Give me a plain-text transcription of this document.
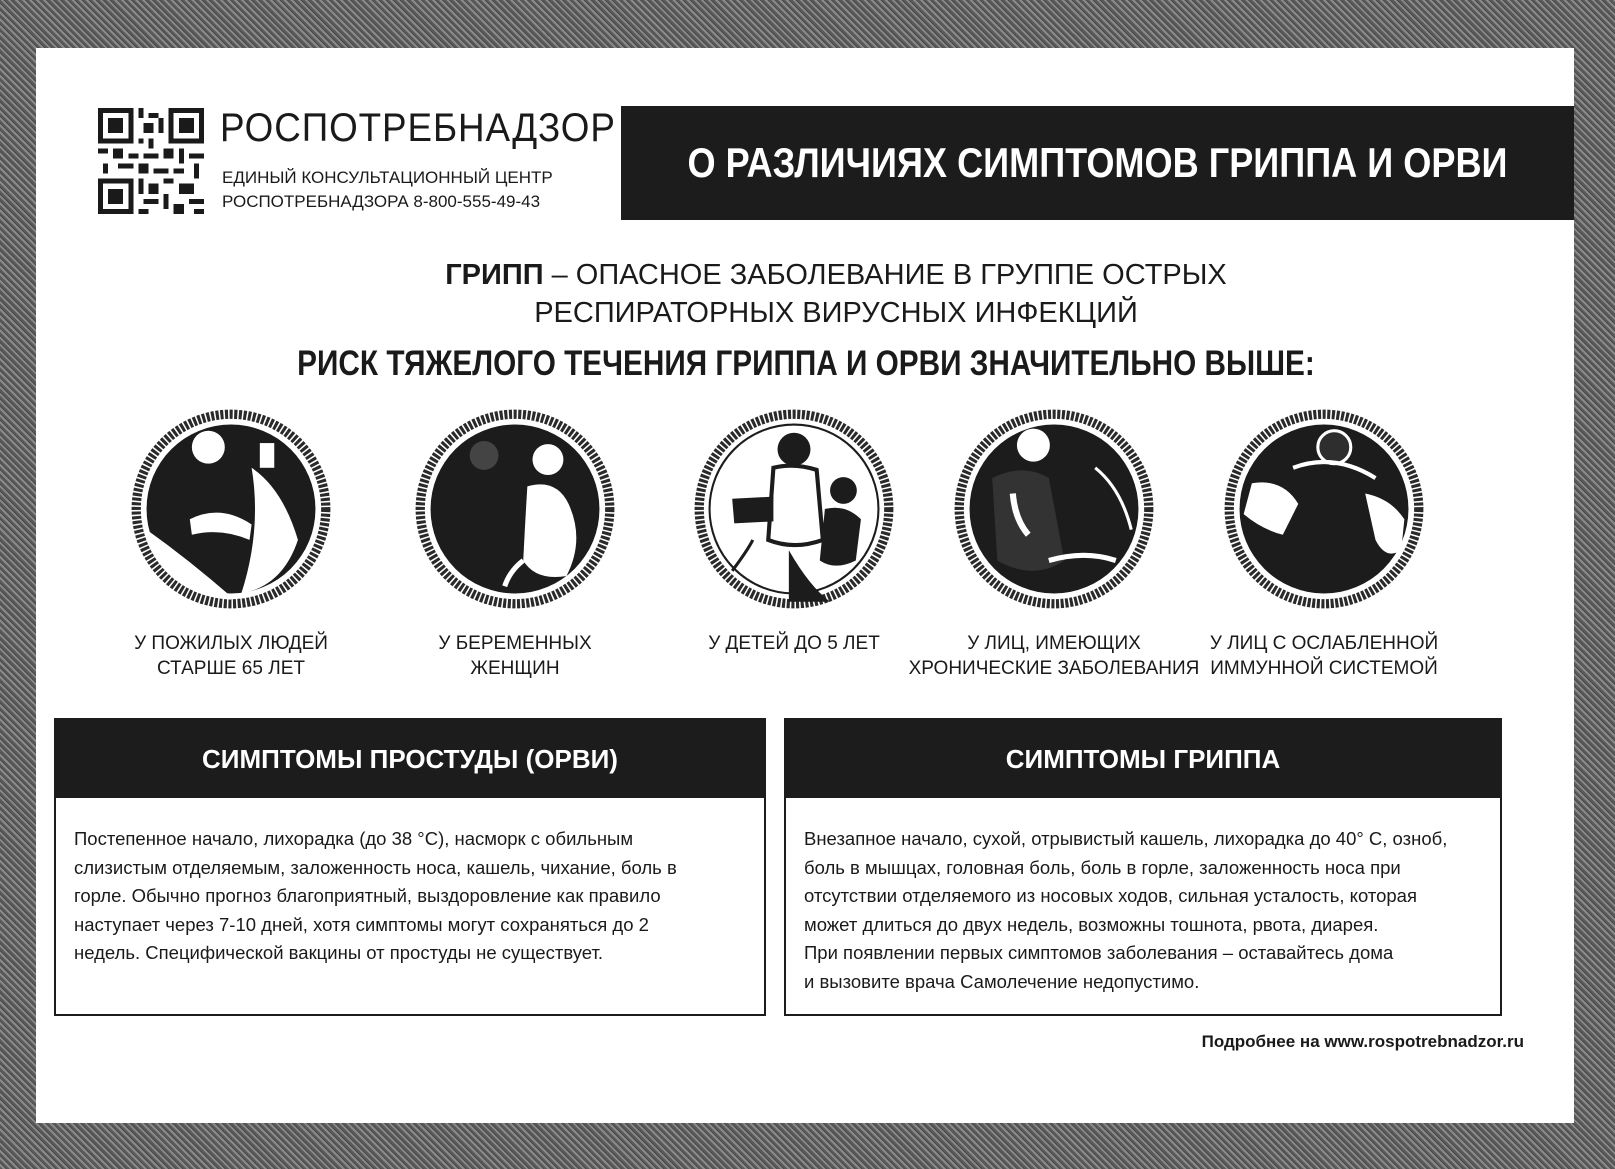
РОСПОТРЕБНАДЗОР
ЕДИНЫЙ КОНСУЛЬТАЦИОННЫЙ ЦЕНТР
РОСПОТРЕБНАДЗОРА 8-800-555-49-43
О РАЗЛИЧИЯХ СИМПТОМОВ ГРИППА И ОРВИ
ГРИПП – ОПАСНОЕ ЗАБОЛЕВАНИЕ В ГРУППЕ ОСТРЫХ
РЕСПИРАТОРНЫХ ВИРУСНЫХ ИНФЕКЦИЙ
РИСК ТЯЖЕЛОГО ТЕЧЕНИЯ ГРИППА И ОРВИ ЗНАЧИТЕЛЬНО ВЫШЕ:
У ПОЖИЛЫХ ЛЮДЕЙ
СТАРШЕ 65 ЛЕТ
У БЕРЕМЕННЫХ
ЖЕНЩИН
У ДЕТЕЙ ДО 5 ЛЕТ	У ЛИЦ, ИМЕЮЩИХ
ХРОНИЧЕСКИЕ ЗАБОЛЕВАНИЯ
У ЛИЦ С ОСЛАБЛЕННОЙ
ИММУННОЙ СИСТЕМОЙ
СИМПТОМЫ ПРОСТУДЫ (ОРВИ)
Постепенное начало, лихорадка (до 38 °С), насморк с обильным
слизистым отделяемым, заложенность носа, кашель, чихание, боль в
горле. Обычно прогноз благоприятный, выздоровление как правило
наступает через 7-10 дней, хотя симптомы могут сохраняться до 2
недель. Специфической вакцины от простуды не существует.
СИМПТОМЫ ГРИППА
Внезапное начало, сухой, отрывистый кашель, лихорадка до 40° С, озноб,
боль в мышцах, головная боль, боль в горле, заложенность носа при
отсутствии отделяемого из носовых ходов, сильная усталость, которая
может длиться до двух недель, возможны тошнота, рвота, диарея.
При появлении первых симптомов заболевания – оставайтесь дома
и вызовите врача Самолечение недопустимо.
Подробнее на www.rospotrebnadzor.ru
